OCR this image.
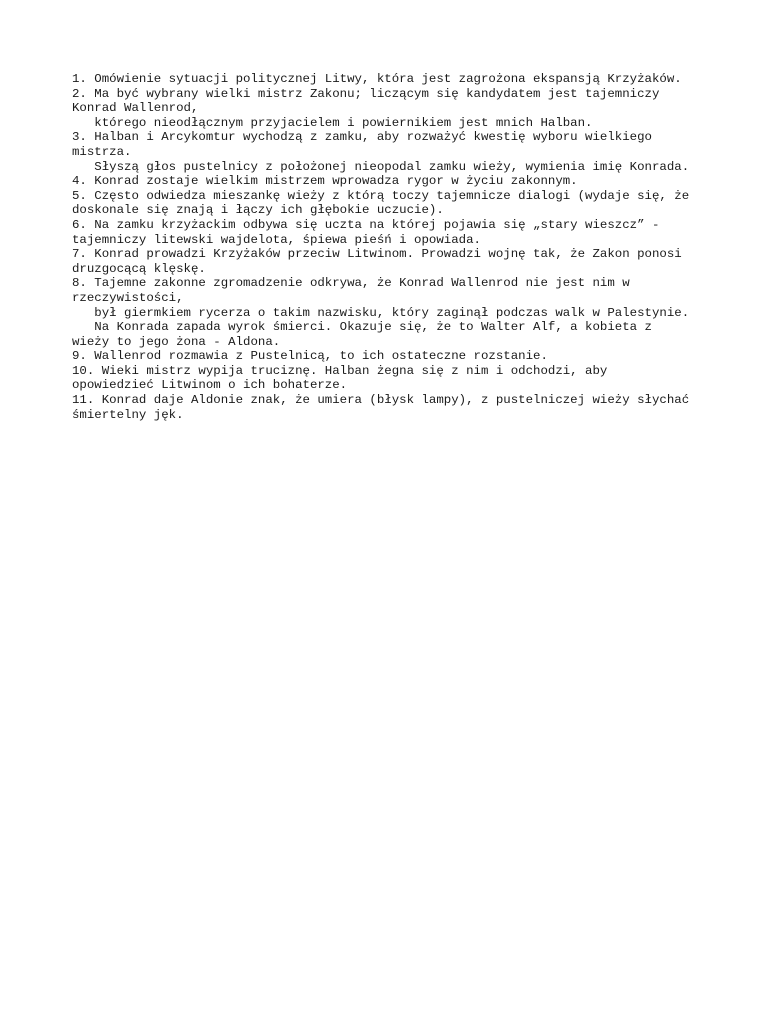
1. Omówienie sytuacji politycznej Litwy, która jest zagrożona ekspansją Krzyżaków.
2. Ma być wybrany wielki mistrz Zakonu; liczącym się kandydatem jest tajemniczy
Konrad Wallenrod,
którego nieodłącznym przyjacielem i powiernikiem jest mnich Halban.
3. Halban i Arcykomtur wychodzą z zamku, aby rozważyć kwestię wyboru wielkiego
mistrza.
Słyszą głos pustelnicy z położonej nieopodal zamku wieży, wymienia imię Konrada.
4. Konrad zostaje wielkim mistrzem wprowadza rygor w życiu zakonnym.
5. Często odwiedza mieszankę wieży z którą toczy tajemnicze dialogi (wydaje się, że
doskonale się znają i łączy ich głębokie uczucie).
6. Na zamku krzyżackim odbywa się uczta na której pojawia się „stary wieszcz” -
tajemniczy litewski wajdelota, śpiewa pieśń i opowiada.
7. Konrad prowadzi Krzyżaków przeciw Litwinom. Prowadzi wojnę tak, że Zakon ponosi
druzgocącą klęskę.
8. Tajemne zakonne zgromadzenie odkrywa, że Konrad Wallenrod nie jest nim w
rzeczywistości,
był giermkiem rycerza o takim nazwisku, który zaginął podczas walk w Palestynie.
Na Konrada zapada wyrok śmierci. Okazuje się, że to Walter Alf, a kobieta z
wieży to jego żona - Aldona.
9. Wallenrod rozmawia z Pustelnicą, to ich ostateczne rozstanie.
10. Wieki mistrz wypija truciznę. Halban żegna się z nim i odchodzi, aby
opowiedzieć Litwinom o ich bohaterze.
11. Konrad daje Aldonie znak, że umiera (błysk lampy), z pustelniczej wieży słychać
śmiertelny jęk.
